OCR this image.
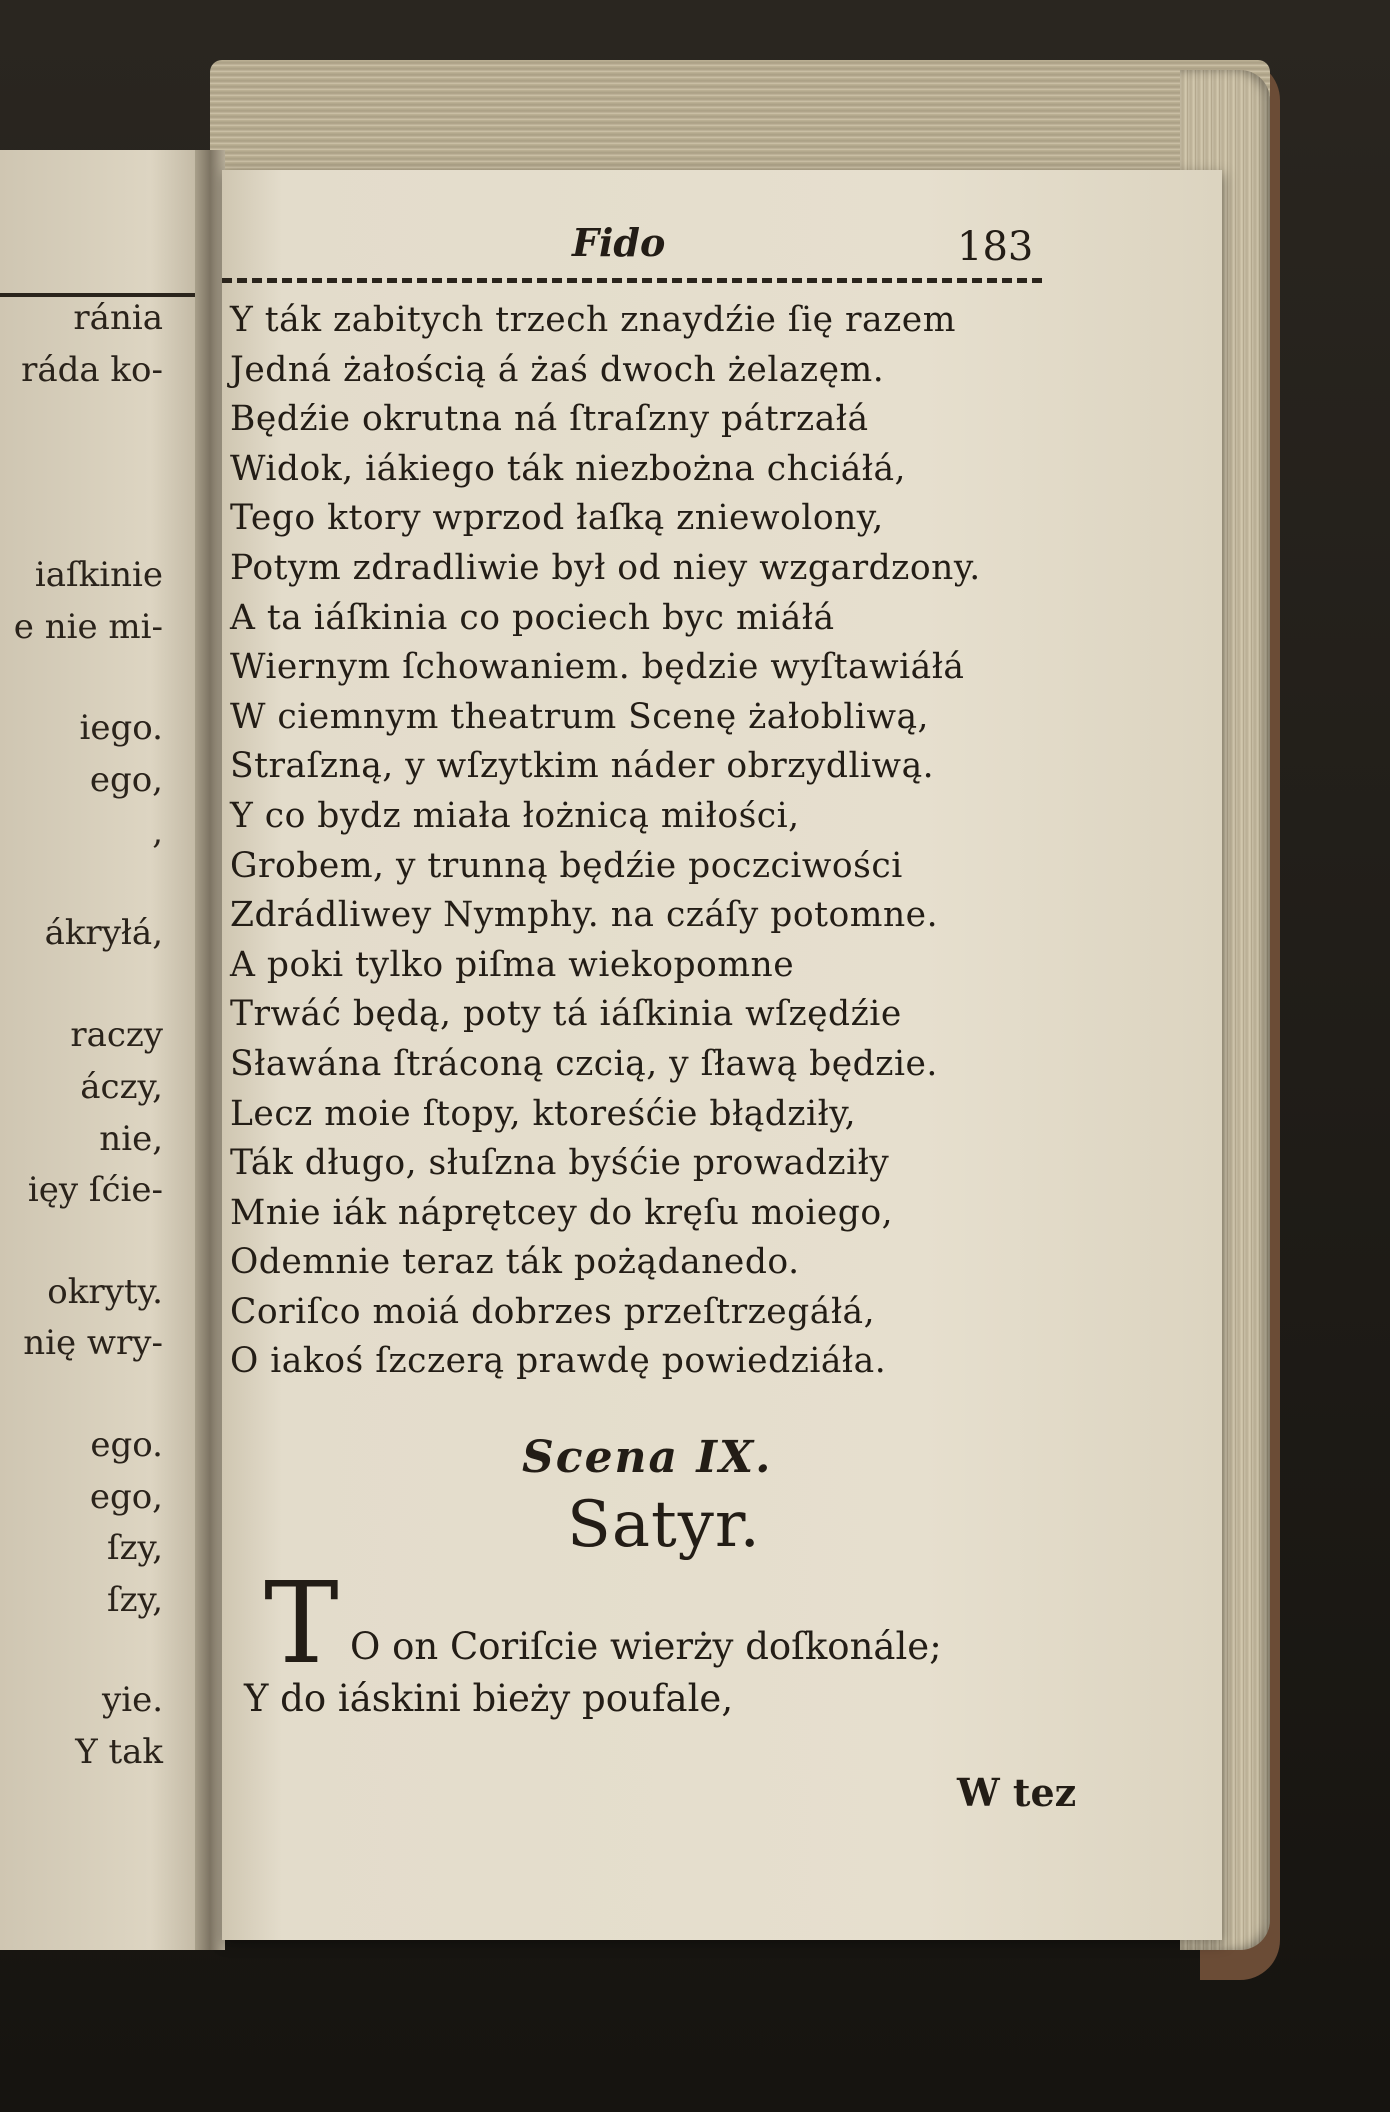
ránia
ráda ko-
iaſkinie
e nie mi-
iego.
ego,
,
ákryłá,
raczy
áczy,
nie,
ięy ſćie-
okryty.
nię wry-
ego.
ego,
ſzy,
ſzy,
yie.
Y tak
Fido	183
Y ták zabitych trzech znaydźie ſię razem
Jedná żałością á żaś dwoch żelazęm.
Będźie okrutna ná ſtraſzny pátrzałá
Widok, iákiego ták niezbożna chciáłá,
Tego ktory wprzod łaſką zniewolony,
Potym zdradliwie był od niey wzgardzony.
A ta iáſkinia co pociech byc miáłá
Wiernym ſchowaniem. będzie wyſtawiáłá
W ciemnym theatrum Scenę żałobliwą,
Straſzną, y wſzytkim náder obrzydliwą.
Y co bydz miała łożnicą miłości,
Grobem, y trunną będźie poczciwości
Zdrádliwey Nymphy. na czáſy potomne.
A poki tylko piſma wiekopomne
Trwáć będą, poty tá iáſkinia wſzędźie
Sławána ſtráconą czcią, y ſławą będzie.
Lecz moie ſtopy, ktoreśćie błądziły,
Ták długo, słuſzna byśćie prowadziły
Mnie iák náprętcey do kręſu moiego,
Odemnie teraz ták pożądanedo.
Coriſco moiá dobrzes przeſtrzegáłá,
O iakoś ſzczerą prawdę powiedziáła.
Scena IX.
Satyr.
T O on Coriſcie wierży doſkonále;
Y do iáskini bieży poufale,
W tez
